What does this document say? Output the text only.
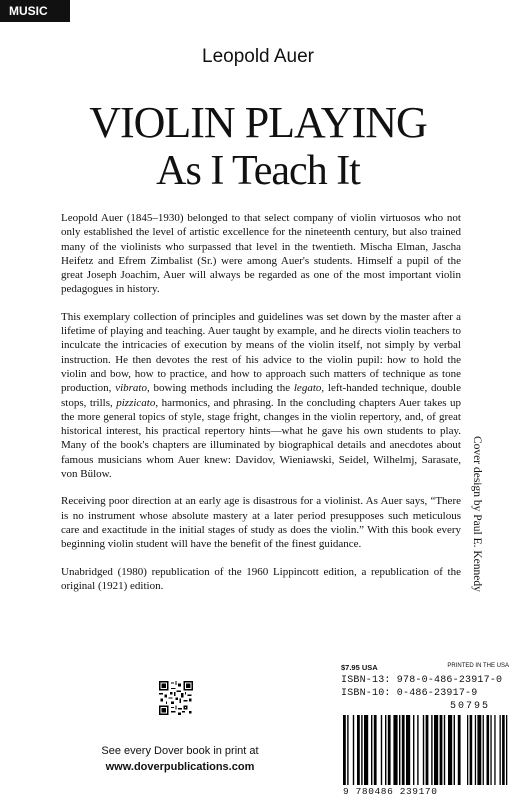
MUSIC
Leopold Auer
VIOLIN PLAYING
As I Teach It

Leopold Auer (1845–1930) belonged to that select company of violin virtuosos who not only established the level of artistic excellence for the nineteenth century, but also trained many of the violinists who surpassed that level in the twentieth. Mischa Elman, Jascha Heifetz and Efrem Zimbalist (Sr.) were among Auer's students. Himself a pupil of the great Joseph Joachim, Auer will always be regarded as one of the most important violin pedagogues in history.

This exemplary collection of principles and guidelines was set down by the master after a lifetime of playing and teaching. Auer taught by example, and he directs violin teachers to inculcate the intricacies of execution by means of the violin itself, not simply by verbal instruction. He then devotes the rest of his advice to the violin pupil: how to hold the violin and bow, how to practice, and how to approach such matters of technique as tone production, vibrato, bowing methods including the legato, left-handed technique, double stops, trills, pizzicato, harmonics, and phrasing. In the concluding chapters Auer takes up the more general topics of style, stage fright, changes in the violin repertory, and, of great historical interest, his practical repertory hints—what he gave his own students to play. Many of the book's chapters are illuminated by biographical details and anecdotes about famous musicians whom Auer knew: Davidov, Wieniawski, Seidel, Wilhelmj, Sarasate, von Bülow.

Receiving poor direction at an early age is disastrous for a violinist. As Auer says, “There is no instrument whose absolute mastery at a later period presupposes such meticulous care and exactitude in the initial stages of study as does the violin.” With this book every beginning violin student will have the benefit of the finest guidance.

Unabridged (1980) republication of the 1960 Lippincott edition, a republication of the original (1921) edition.	Cover design by Paul E. Kennedy
See every Dover book in print at
www.doverpublications.com
$7.95 USA	PRINTED IN THE USA
ISBN-13: 978-0-486-23917-0
ISBN-10: 0-486-23917-9
50795
9 780486 239170
